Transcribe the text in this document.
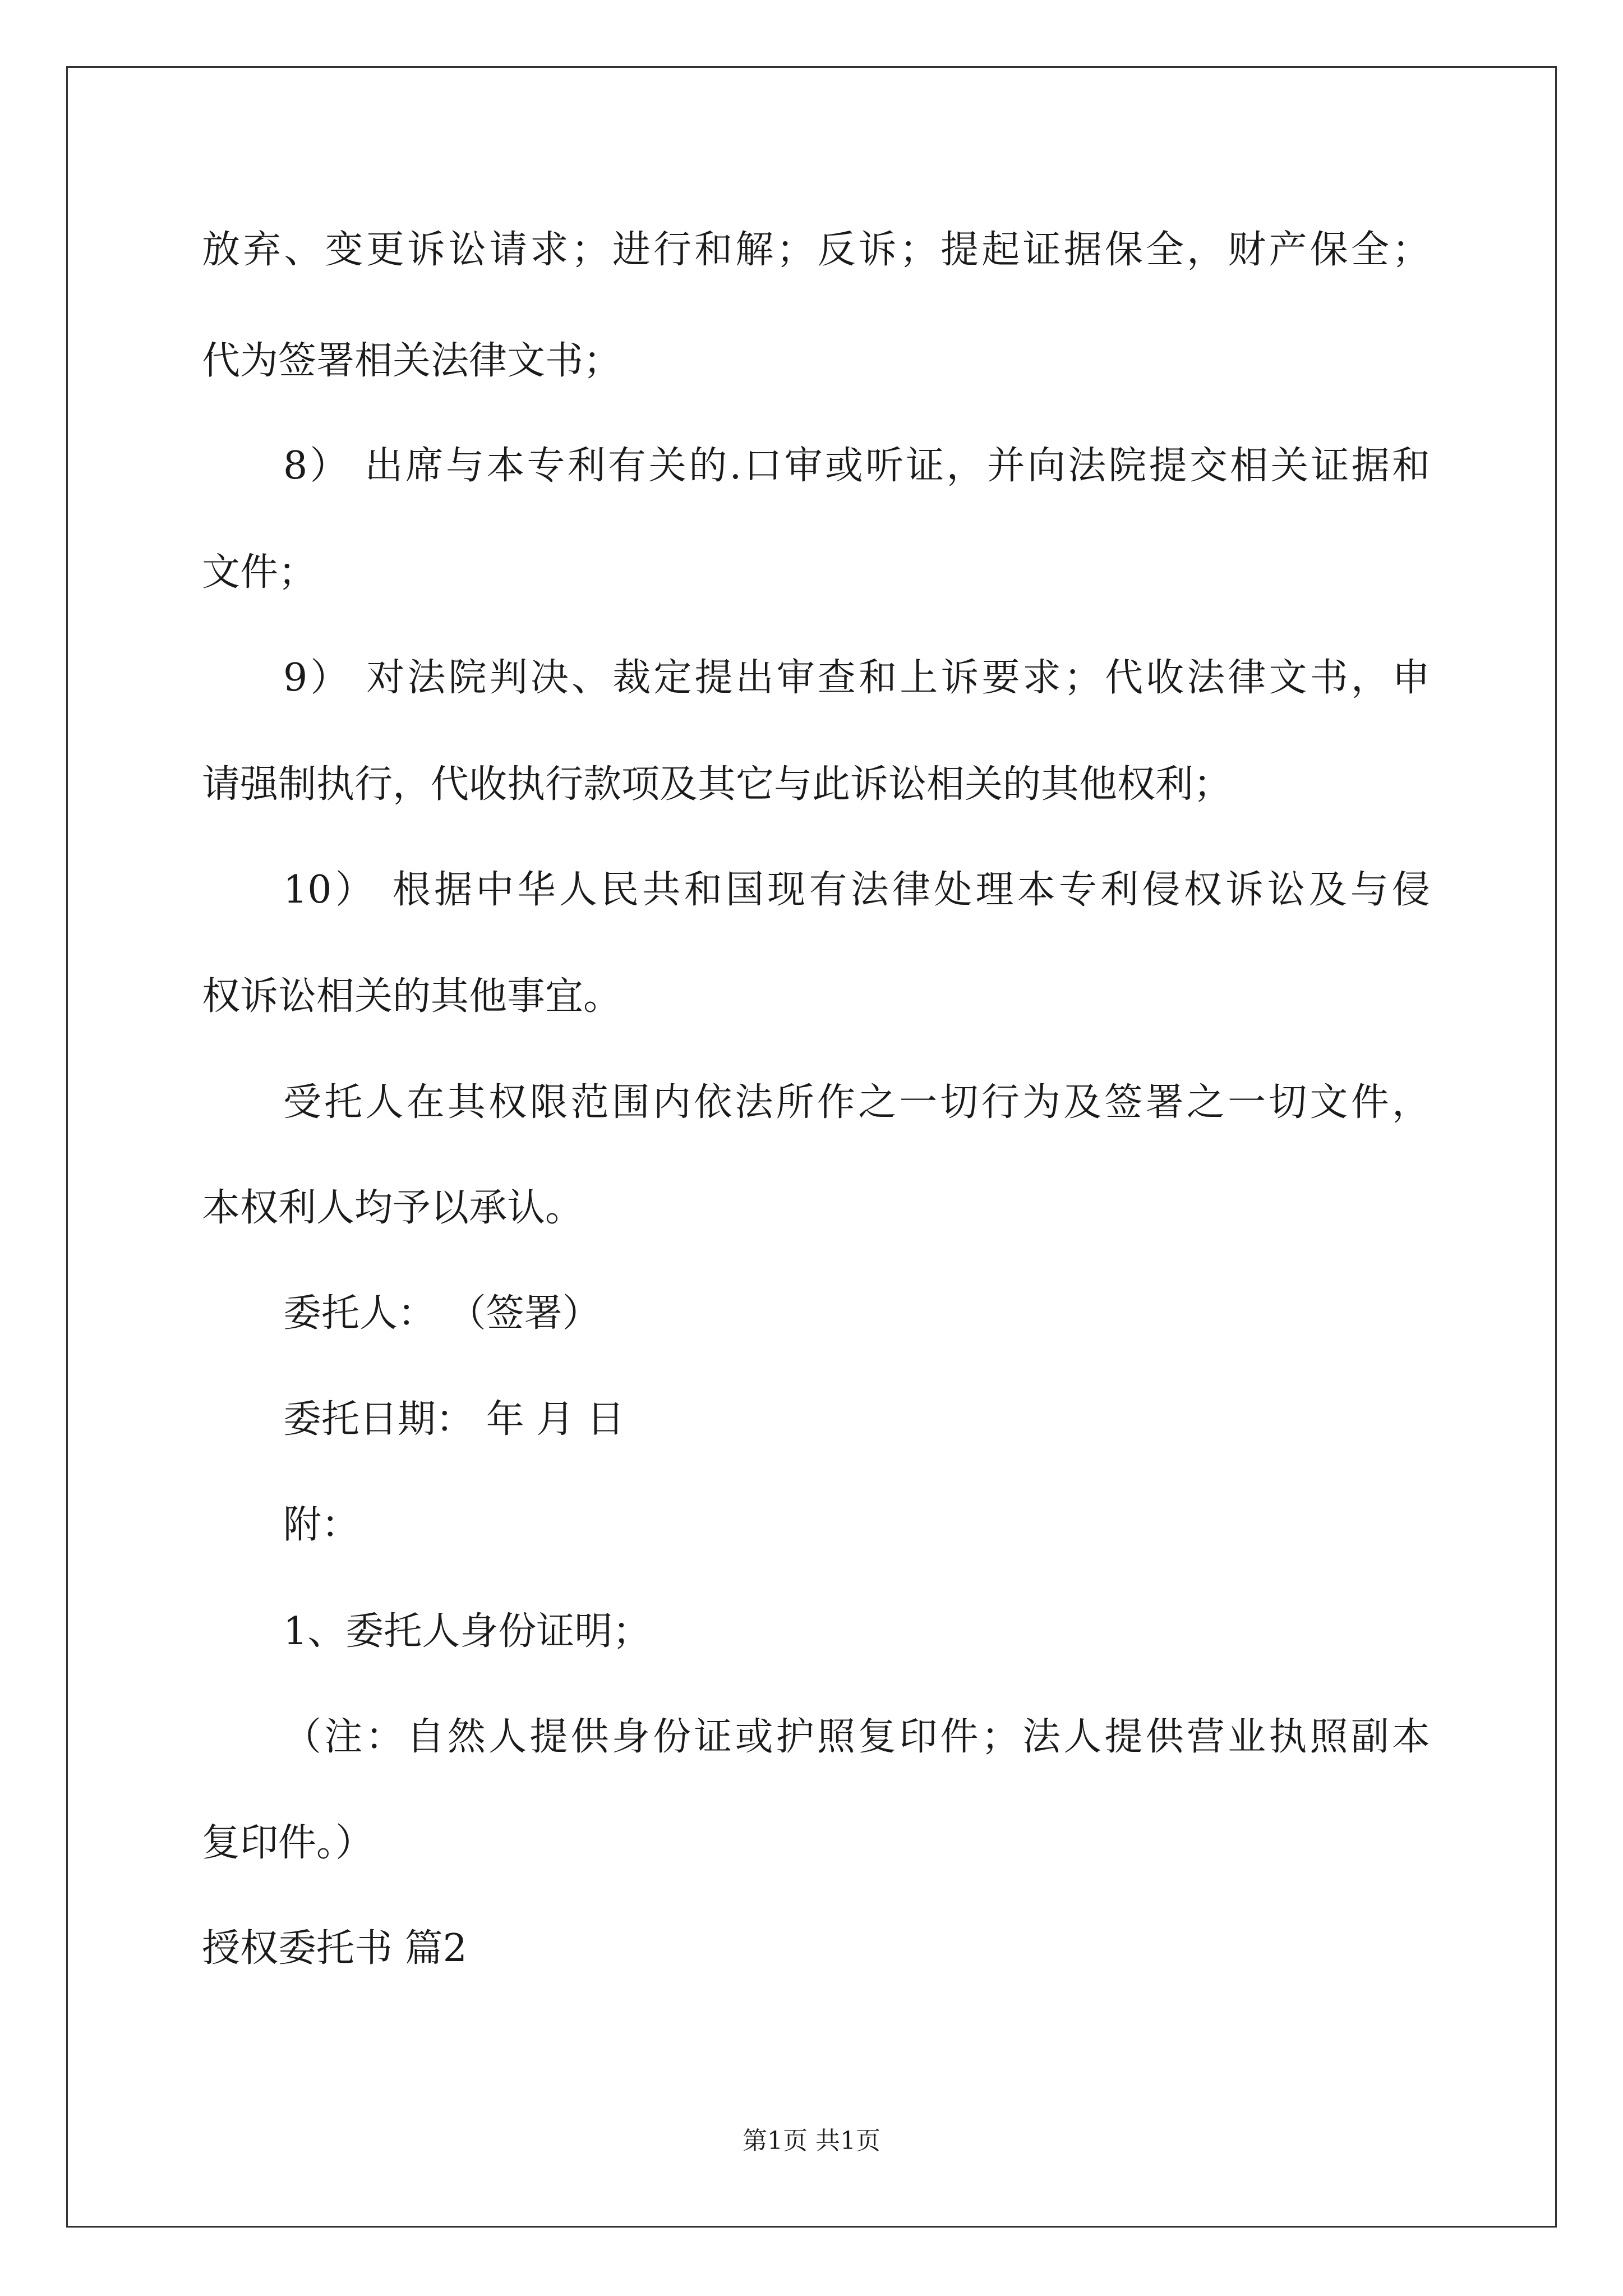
放弃、变更诉讼请求；进行和解；反诉；提起证据保全，财产保全；
代为签署相关法律文书；
8） 出席与本专利有关的.口审或听证，并向法院提交相关证据和
文件；
9） 对法院判决、裁定提出审查和上诉要求；代收法律文书，申
请强制执行，代收执行款项及其它与此诉讼相关的其他权利；
10） 根据中华人民共和国现有法律处理本专利侵权诉讼及与侵
权诉讼相关的其他事宜。
受托人在其权限范围内依法所作之一切行为及签署之一切文件，
本权利人均予以承认。
委托人： （签署）
委托日期： 年 月 日
附：
1、委托人身份证明；
（注：自然人提供身份证或护照复印件；法人提供营业执照副本
复印件。）
授权委托书 篇2
第1页 共1页
